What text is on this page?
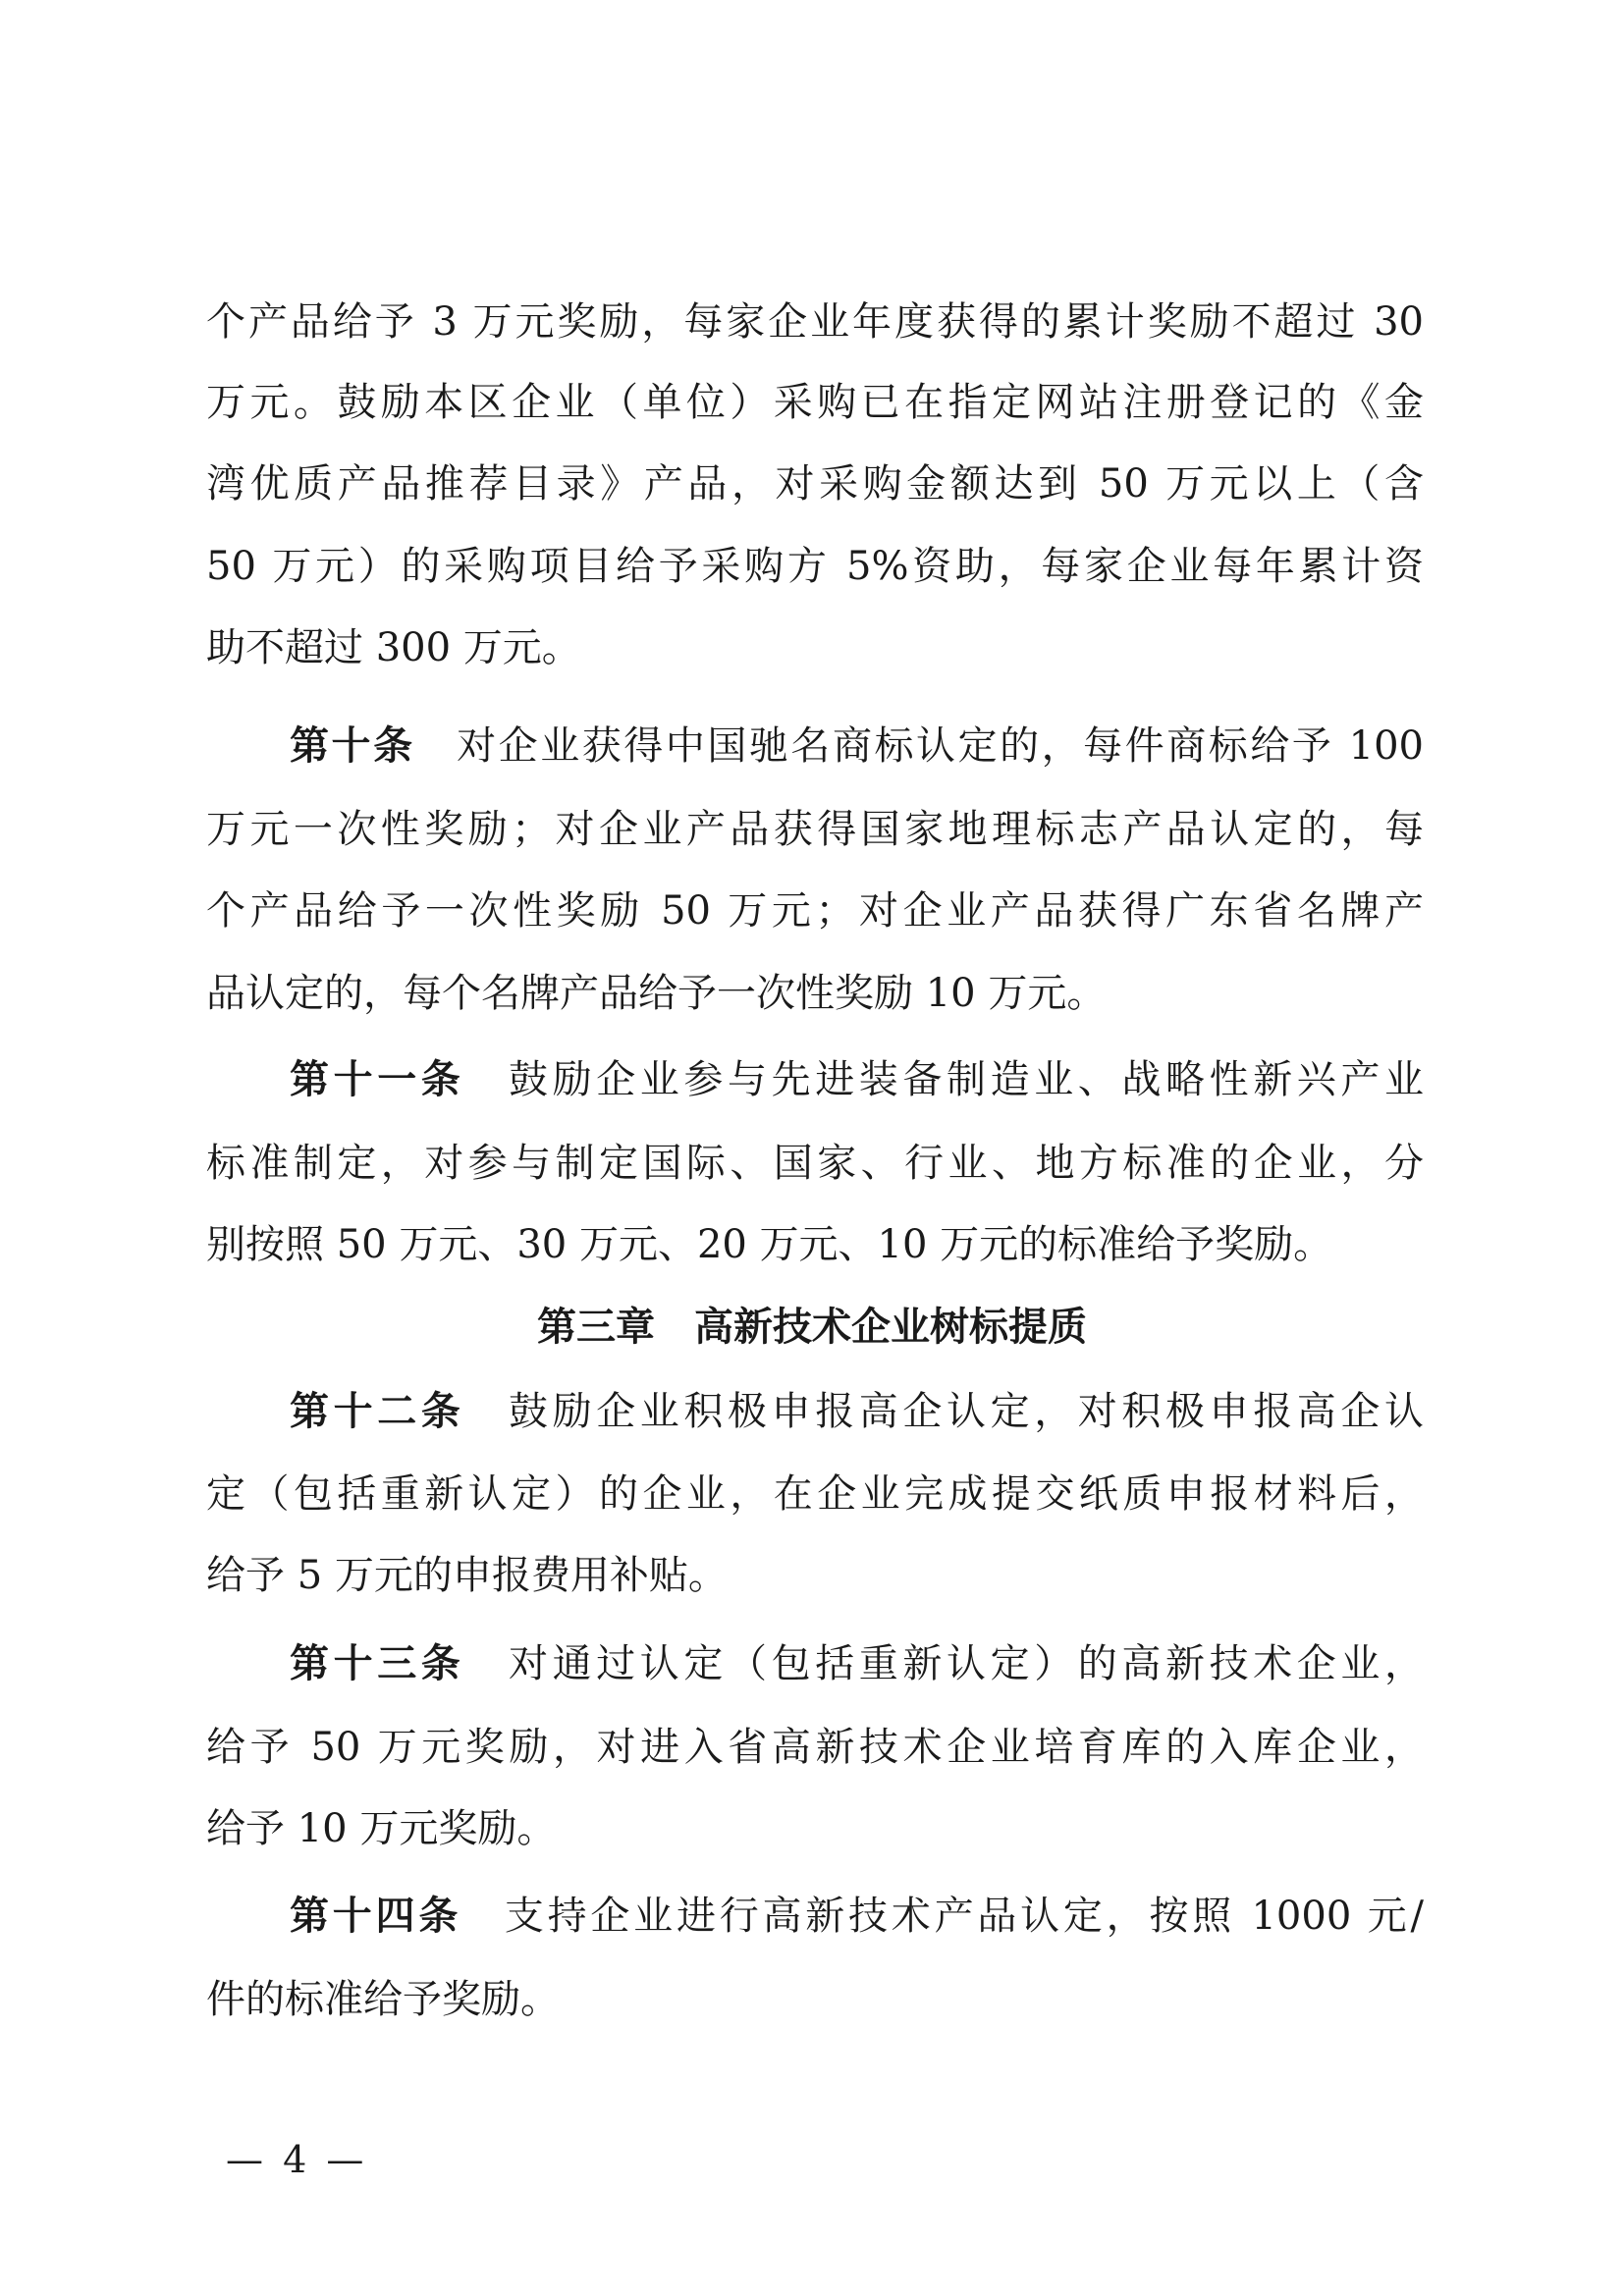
个产品给予 3 万元奖励，每家企业年度获得的累计奖励不超过 30
万元。鼓励本区企业（单位）采购已在指定网站注册登记的《金
湾优质产品推荐目录》产品，对采购金额达到 50 万元以上（含
50 万元）的采购项目给予采购方 5%资助，每家企业每年累计资
助不超过 300 万元。
第十条  对企业获得中国驰名商标认定的，每件商标给予 100
万元一次性奖励；对企业产品获得国家地理标志产品认定的，每
个产品给予一次性奖励 50 万元；对企业产品获得广东省名牌产
品认定的，每个名牌产品给予一次性奖励 10 万元。
第十一条  鼓励企业参与先进装备制造业、战略性新兴产业
标准制定，对参与制定国际、国家、行业、地方标准的企业，分
别按照 50 万元、30 万元、20 万元、10 万元的标准给予奖励。
第三章　高新技术企业树标提质
第十二条  鼓励企业积极申报高企认定，对积极申报高企认
定（包括重新认定）的企业，在企业完成提交纸质申报材料后，
给予 5 万元的申报费用补贴。
第十三条  对通过认定（包括重新认定）的高新技术企业，
给予 50 万元奖励，对进入省高新技术企业培育库的入库企业，
给予 10 万元奖励。
第十四条  支持企业进行高新技术产品认定，按照 1000 元/
件的标准给予奖励。
— 4 —
